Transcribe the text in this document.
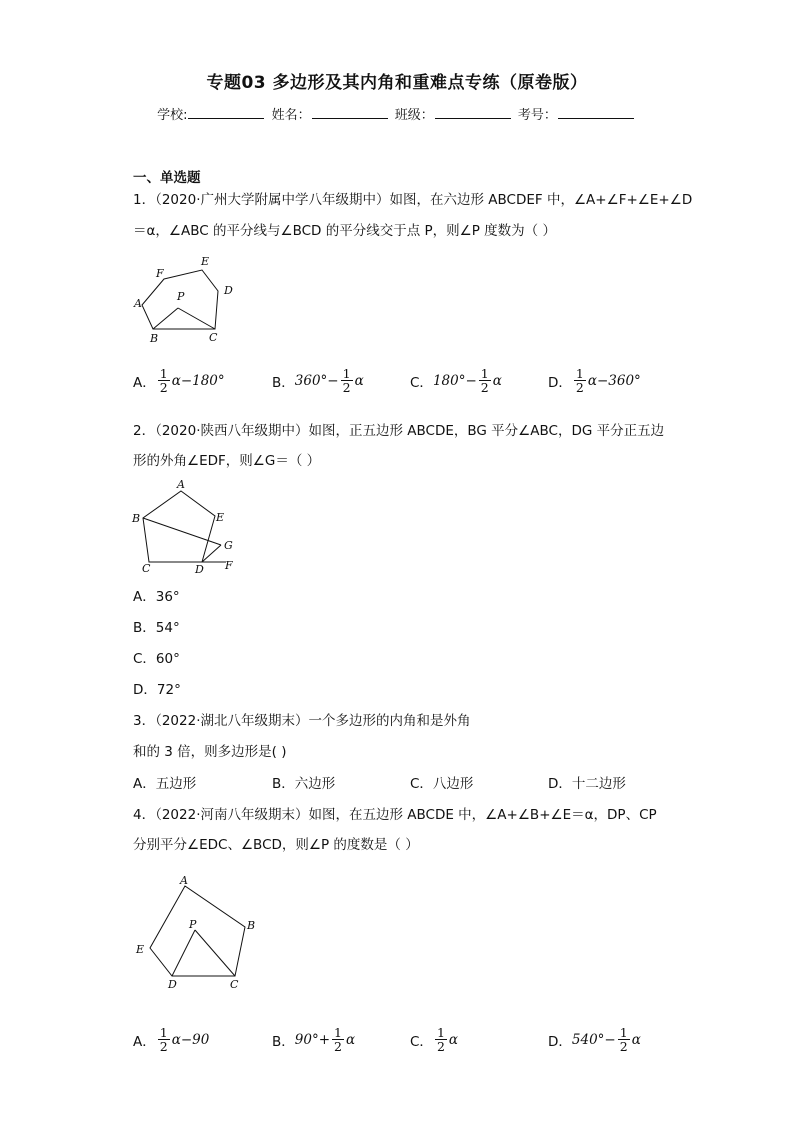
专题03 多边形及其内角和重难点专练（原卷版）
学校:	姓名：	班级：	考号：
一、单选题
1．（2020·广州大学附属中学八年级期中）如图，在六边形 ABCDEF 中，∠A+∠F+∠E+∠D
＝α，∠ABC 的平分线与∠BCD 的平分线交于点 P，则∠P 度数为（ ）
F
E
A
P	D
B	C
A． $\frac{1}{2} \alpha-180^\circ$	B． $360^\circ- \frac{1}{2}$ α	C． $180^\circ- \frac{1}{2}$ α	D． $\frac{1}{2} \alpha-360^\circ$
2．（2020·陕西八年级期中）如图，正五边形 ABCDE，BG 平分∠ABC，DG 平分正五边
形的外角∠EDF，则∠G＝（ ）
A
B	E
G
C	D F
A．36°
B．54°
C．60°
D．72°
3．（2022·湖北八年级期末）一个多边形的内角和是外角
和的 3 倍，则多边形是( )
A．五边形	B．六边形	C．八边形	D．十二边形
4．（2022·河南八年级期末）如图，在五边形 ABCDE 中，∠A+∠B+∠E＝α，DP、CP
分别平分∠EDC、∠BCD，则∠P 的度数是（ ）
A
P	B
E
D	C
A． $\frac{1}{2} \alpha-90$	B． $90^\circ+ \frac{1}{2}$ α	C． $\frac{1}{2}$ α	D． $540^\circ- \frac{1}{2}$ α
